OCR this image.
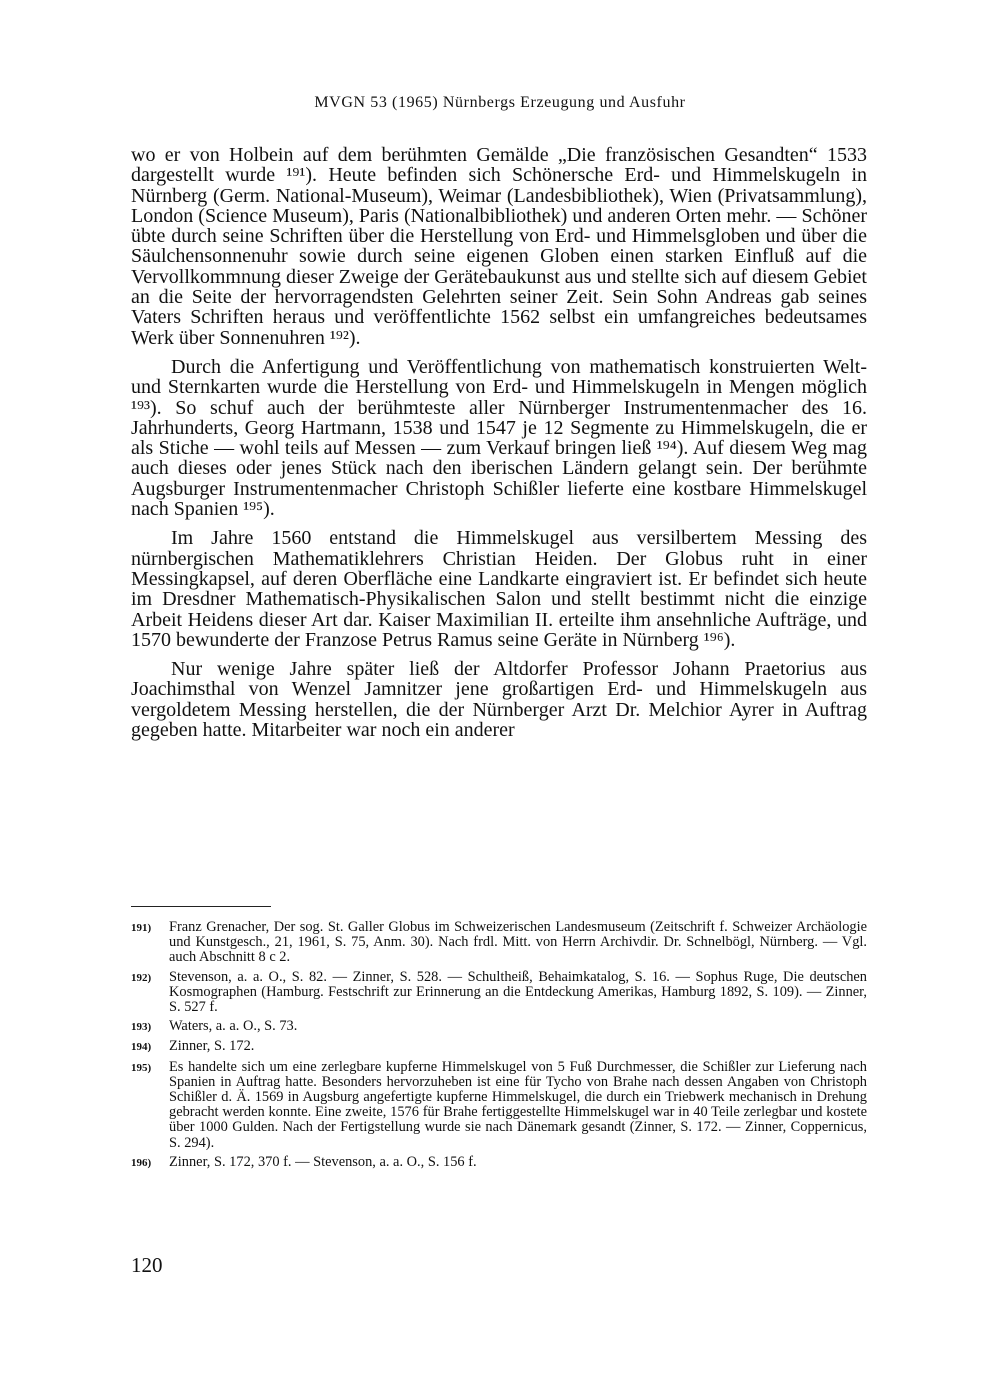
MVGN 53 (1965) Nürnbergs Erzeugung und Ausfuhr

wo er von Holbein auf dem berühmten Gemälde „Die französischen Gesandten“ 1533 dargestellt wurde ¹⁹¹). Heute befinden sich Schönersche Erd- und Himmelskugeln in Nürnberg (Germ. National-Museum), Weimar (Landesbibliothek), Wien (Privatsammlung), London (Science Museum), Paris (Nationalbibliothek) und anderen Orten mehr. — Schöner übte durch seine Schriften über die Herstellung von Erd- und Himmelsgloben und über die Säulchensonnenuhr sowie durch seine eigenen Globen einen starken Einfluß auf die Vervollkommnung dieser Zweige der Gerätebaukunst aus und stellte sich auf diesem Gebiet an die Seite der hervorragendsten Gelehrten seiner Zeit. Sein Sohn Andreas gab seines Vaters Schriften heraus und veröffentlichte 1562 selbst ein umfangreiches bedeutsames Werk über Sonnenuhren ¹⁹²).

Durch die Anfertigung und Veröffentlichung von mathematisch konstruierten Welt- und Sternkarten wurde die Herstellung von Erd- und Himmelskugeln in Mengen möglich ¹⁹³). So schuf auch der berühmteste aller Nürnberger Instrumentenmacher des 16. Jahrhunderts, Georg Hartmann, 1538 und 1547 je 12 Segmente zu Himmelskugeln, die er als Stiche — wohl teils auf Messen — zum Verkauf bringen ließ ¹⁹⁴). Auf diesem Weg mag auch dieses oder jenes Stück nach den iberischen Ländern gelangt sein. Der berühmte Augsburger Instrumentenmacher Christoph Schißler lieferte eine kostbare Himmelskugel nach Spanien ¹⁹⁵).

Im Jahre 1560 entstand die Himmelskugel aus versilbertem Messing des nürnbergischen Mathematiklehrers Christian Heiden. Der Globus ruht in einer Messingkapsel, auf deren Oberfläche eine Landkarte eingraviert ist. Er befindet sich heute im Dresdner Mathematisch-Physikalischen Salon und stellt bestimmt nicht die einzige Arbeit Heidens dieser Art dar. Kaiser Maximilian II. erteilte ihm ansehnliche Aufträge, und 1570 bewunderte der Franzose Petrus Ramus seine Geräte in Nürnberg ¹⁹⁶).

Nur wenige Jahre später ließ der Altdorfer Professor Johann Praetorius aus Joachimsthal von Wenzel Jamnitzer jene großartigen Erd- und Himmelskugeln aus vergoldetem Messing herstellen, die der Nürnberger Arzt Dr. Melchior Ayrer in Auftrag gegeben hatte. Mitarbeiter war noch ein anderer

191)	Franz Grenacher, Der sog. St. Galler Globus im Schweizerischen Landesmuseum (Zeitschrift f. Schweizer Archäologie und Kunstgesch., 21, 1961, S. 75, Anm. 30). Nach frdl. Mitt. von Herrn Archivdir. Dr. Schnelbögl, Nürnberg. — Vgl. auch Abschnitt 8 c 2.
192)	Stevenson, a. a. O., S. 82. — Zinner, S. 528. — Schultheiß, Behaimkatalog, S. 16. — Sophus Ruge, Die deutschen Kosmographen (Hamburg. Festschrift zur Erinnerung an die Entdeckung Amerikas, Hamburg 1892, S. 109). — Zinner, S. 527 f.
193)	Waters, a. a. O., S. 73.
194)	Zinner, S. 172.
195)	Es handelte sich um eine zerlegbare kupferne Himmelskugel von 5 Fuß Durchmesser, die Schißler zur Lieferung nach Spanien in Auftrag hatte. Besonders hervorzuheben ist eine für Tycho von Brahe nach dessen Angaben von Christoph Schißler d. Ä. 1569 in Augsburg angefertigte kupferne Himmelskugel, die durch ein Triebwerk mechanisch in Drehung gebracht werden konnte. Eine zweite, 1576 für Brahe fertiggestellte Himmelskugel war in 40 Teile zerlegbar und kostete über 1000 Gulden. Nach der Fertigstellung wurde sie nach Dänemark gesandt (Zinner, S. 172. — Zinner, Coppernicus, S. 294).
196)	Zinner, S. 172, 370 f. — Stevenson, a. a. O., S. 156 f.
120
